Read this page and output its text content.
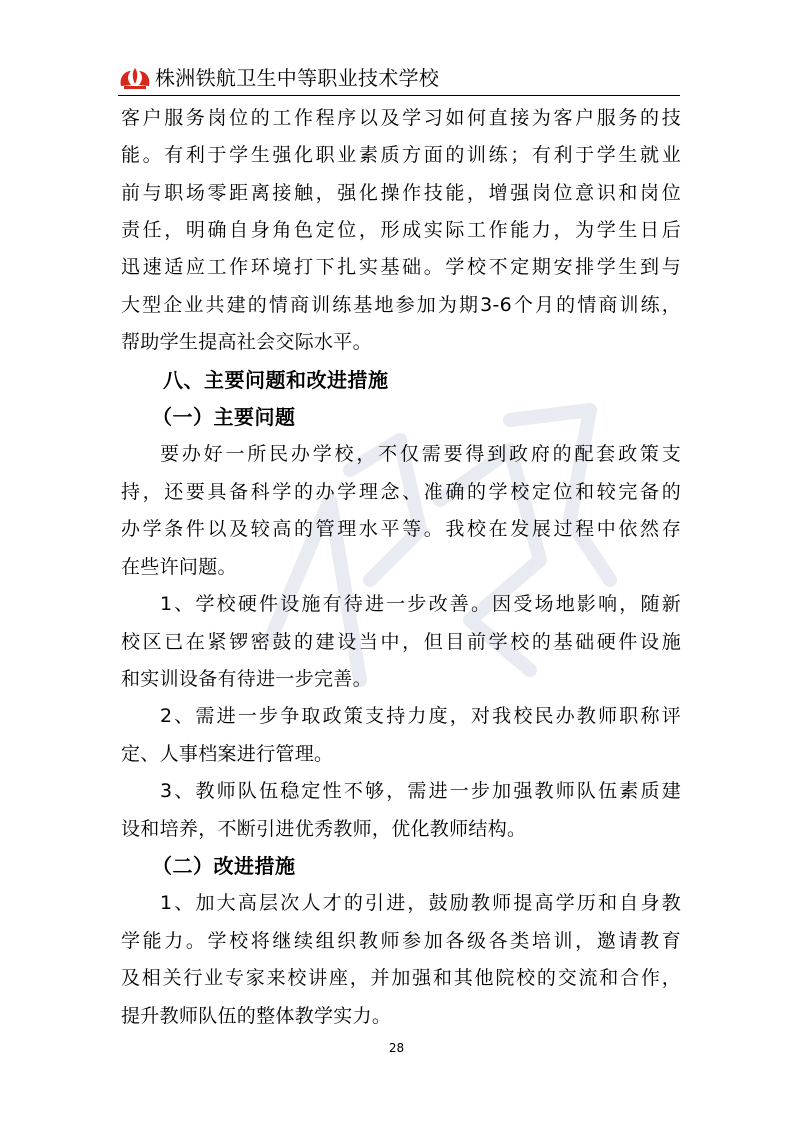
株洲铁航卫生中等职业技术学校
客户服务岗位的工作程序以及学习如何直接为客户服务的技
能。有利于学生强化职业素质方面的训练；有利于学生就业
前与职场零距离接触，强化操作技能，增强岗位意识和岗位
责任，明确自身角色定位，形成实际工作能力，为学生日后
迅速适应工作环境打下扎实基础。学校不定期安排学生到与
大型企业共建的情商训练基地参加为期3-6个月的情商训练，
帮助学生提高社会交际水平。
八、主要问题和改进措施
（一）主要问题
要办好一所民办学校，不仅需要得到政府的配套政策支
持，还要具备科学的办学理念、准确的学校定位和较完备的
办学条件以及较高的管理水平等。我校在发展过程中依然存
在些许问题。
1、学校硬件设施有待进一步改善。因受场地影响，随新
校区已在紧锣密鼓的建设当中，但目前学校的基础硬件设施
和实训设备有待进一步完善。
2、需进一步争取政策支持力度，对我校民办教师职称评
定、人事档案进行管理。
3、教师队伍稳定性不够，需进一步加强教师队伍素质建
设和培养，不断引进优秀教师，优化教师结构。
（二）改进措施
1、加大高层次人才的引进，鼓励教师提高学历和自身教
学能力。学校将继续组织教师参加各级各类培训，邀请教育
及相关行业专家来校讲座，并加强和其他院校的交流和合作，
提升教师队伍的整体教学实力。
28
